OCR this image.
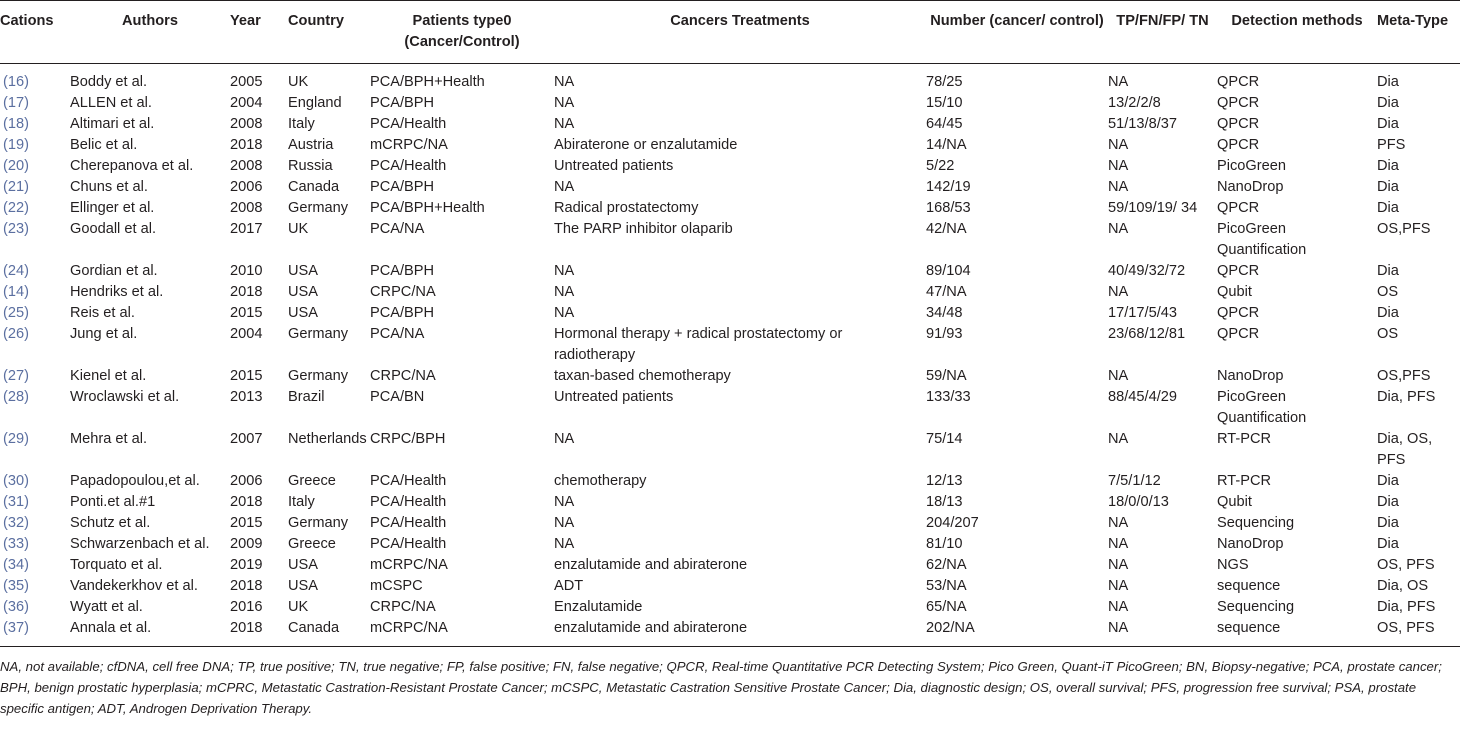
Cations	Authors	Year	Country	Patients type0 (Cancer/Control)	Cancers Treatments	Number (cancer/ control)	TP/FN/FP/ TN	Detection methods	Meta-Type
(16)	Boddy et al.	2005	UK	PCA/BPH+Health	NA	78/25	NA	QPCR	Dia
(17)	ALLEN et al.	2004	England	PCA/BPH	NA	15/10	13/2/2/8	QPCR	Dia
(18)	Altimari et al.	2008	Italy	PCA/Health	NA	64/45	51/13/8/37	QPCR	Dia
(19)	Belic et al.	2018	Austria	mCRPC/NA	Abiraterone or enzalutamide	14/NA	NA	QPCR	PFS
(20)	Cherepanova et al.	2008	Russia	PCA/Health	Untreated patients	5/22	NA	PicoGreen	Dia
(21)	Chuns et al.	2006	Canada	PCA/BPH	NA	142/19	NA	NanoDrop	Dia
(22)	Ellinger et al.	2008	Germany	PCA/BPH+Health	Radical prostatectomy	168/53	59/109/19/ 34	QPCR	Dia
(23)	Goodall et al.	2017	UK	PCA/NA	The PARP inhibitor olaparib	42/NA	NA	PicoGreen Quantification	OS,PFS
(24)	Gordian et al.	2010	USA	PCA/BPH	NA	89/104	40/49/32/72	QPCR	Dia
(14)	Hendriks et al.	2018	USA	CRPC/NA	NA	47/NA	NA	Qubit	OS
(25)	Reis et al.	2015	USA	PCA/BPH	NA	34/48	17/17/5/43	QPCR	Dia
(26)	Jung et al.	2004	Germany	PCA/NA	Hormonal therapy + radical prostatectomy or radiotherapy	91/93	23/68/12/81	QPCR	OS
(27)	Kienel et al.	2015	Germany	CRPC/NA	taxan-based chemotherapy	59/NA	NA	NanoDrop	OS,PFS
(28)	Wroclawski et al.	2013	Brazil	PCA/BN	Untreated patients	133/33	88/45/4/29	PicoGreen Quantification	Dia, PFS
(29)	Mehra et al.	2007	Netherlands	CRPC/BPH	NA	75/14	NA	RT-PCR	Dia, OS, PFS
(30)	Papadopoulou,et al.	2006	Greece	PCA/Health	chemotherapy	12/13	7/5/1/12	RT-PCR	Dia
(31)	Ponti.et al.#1	2018	Italy	PCA/Health	NA	18/13	18/0/0/13	Qubit	Dia
(32)	Schutz et al.	2015	Germany	PCA/Health	NA	204/207	NA	Sequencing	Dia
(33)	Schwarzenbach et al.	2009	Greece	PCA/Health	NA	81/10	NA	NanoDrop	Dia
(34)	Torquato et al.	2019	USA	mCRPC/NA	enzalutamide and abiraterone	62/NA	NA	NGS	OS, PFS
(35)	Vandekerkhov et al.	2018	USA	mCSPC	ADT	53/NA	NA	sequence	Dia, OS
(36)	Wyatt et al.	2016	UK	CRPC/NA	Enzalutamide	65/NA	NA	Sequencing	Dia, PFS
(37)	Annala et al.	2018	Canada	mCRPC/NA	enzalutamide and abiraterone	202/NA	NA	sequence	OS, PFS

NA, not available; cfDNA, cell free DNA; TP, true positive; TN, true negative; FP, false positive; FN, false negative; QPCR, Real-time Quantitative PCR Detecting System; Pico Green, Quant-iT PicoGreen; BN, Biopsy-negative; PCA, prostate cancer; BPH, benign prostatic hyperplasia; mCPRC, Metastatic Castration-Resistant Prostate Cancer; mCSPC, Metastatic Castration Sensitive Prostate Cancer; Dia, diagnostic design; OS, overall survival; PFS, progression free survival; PSA, prostate specific antigen; ADT, Androgen Deprivation Therapy.
